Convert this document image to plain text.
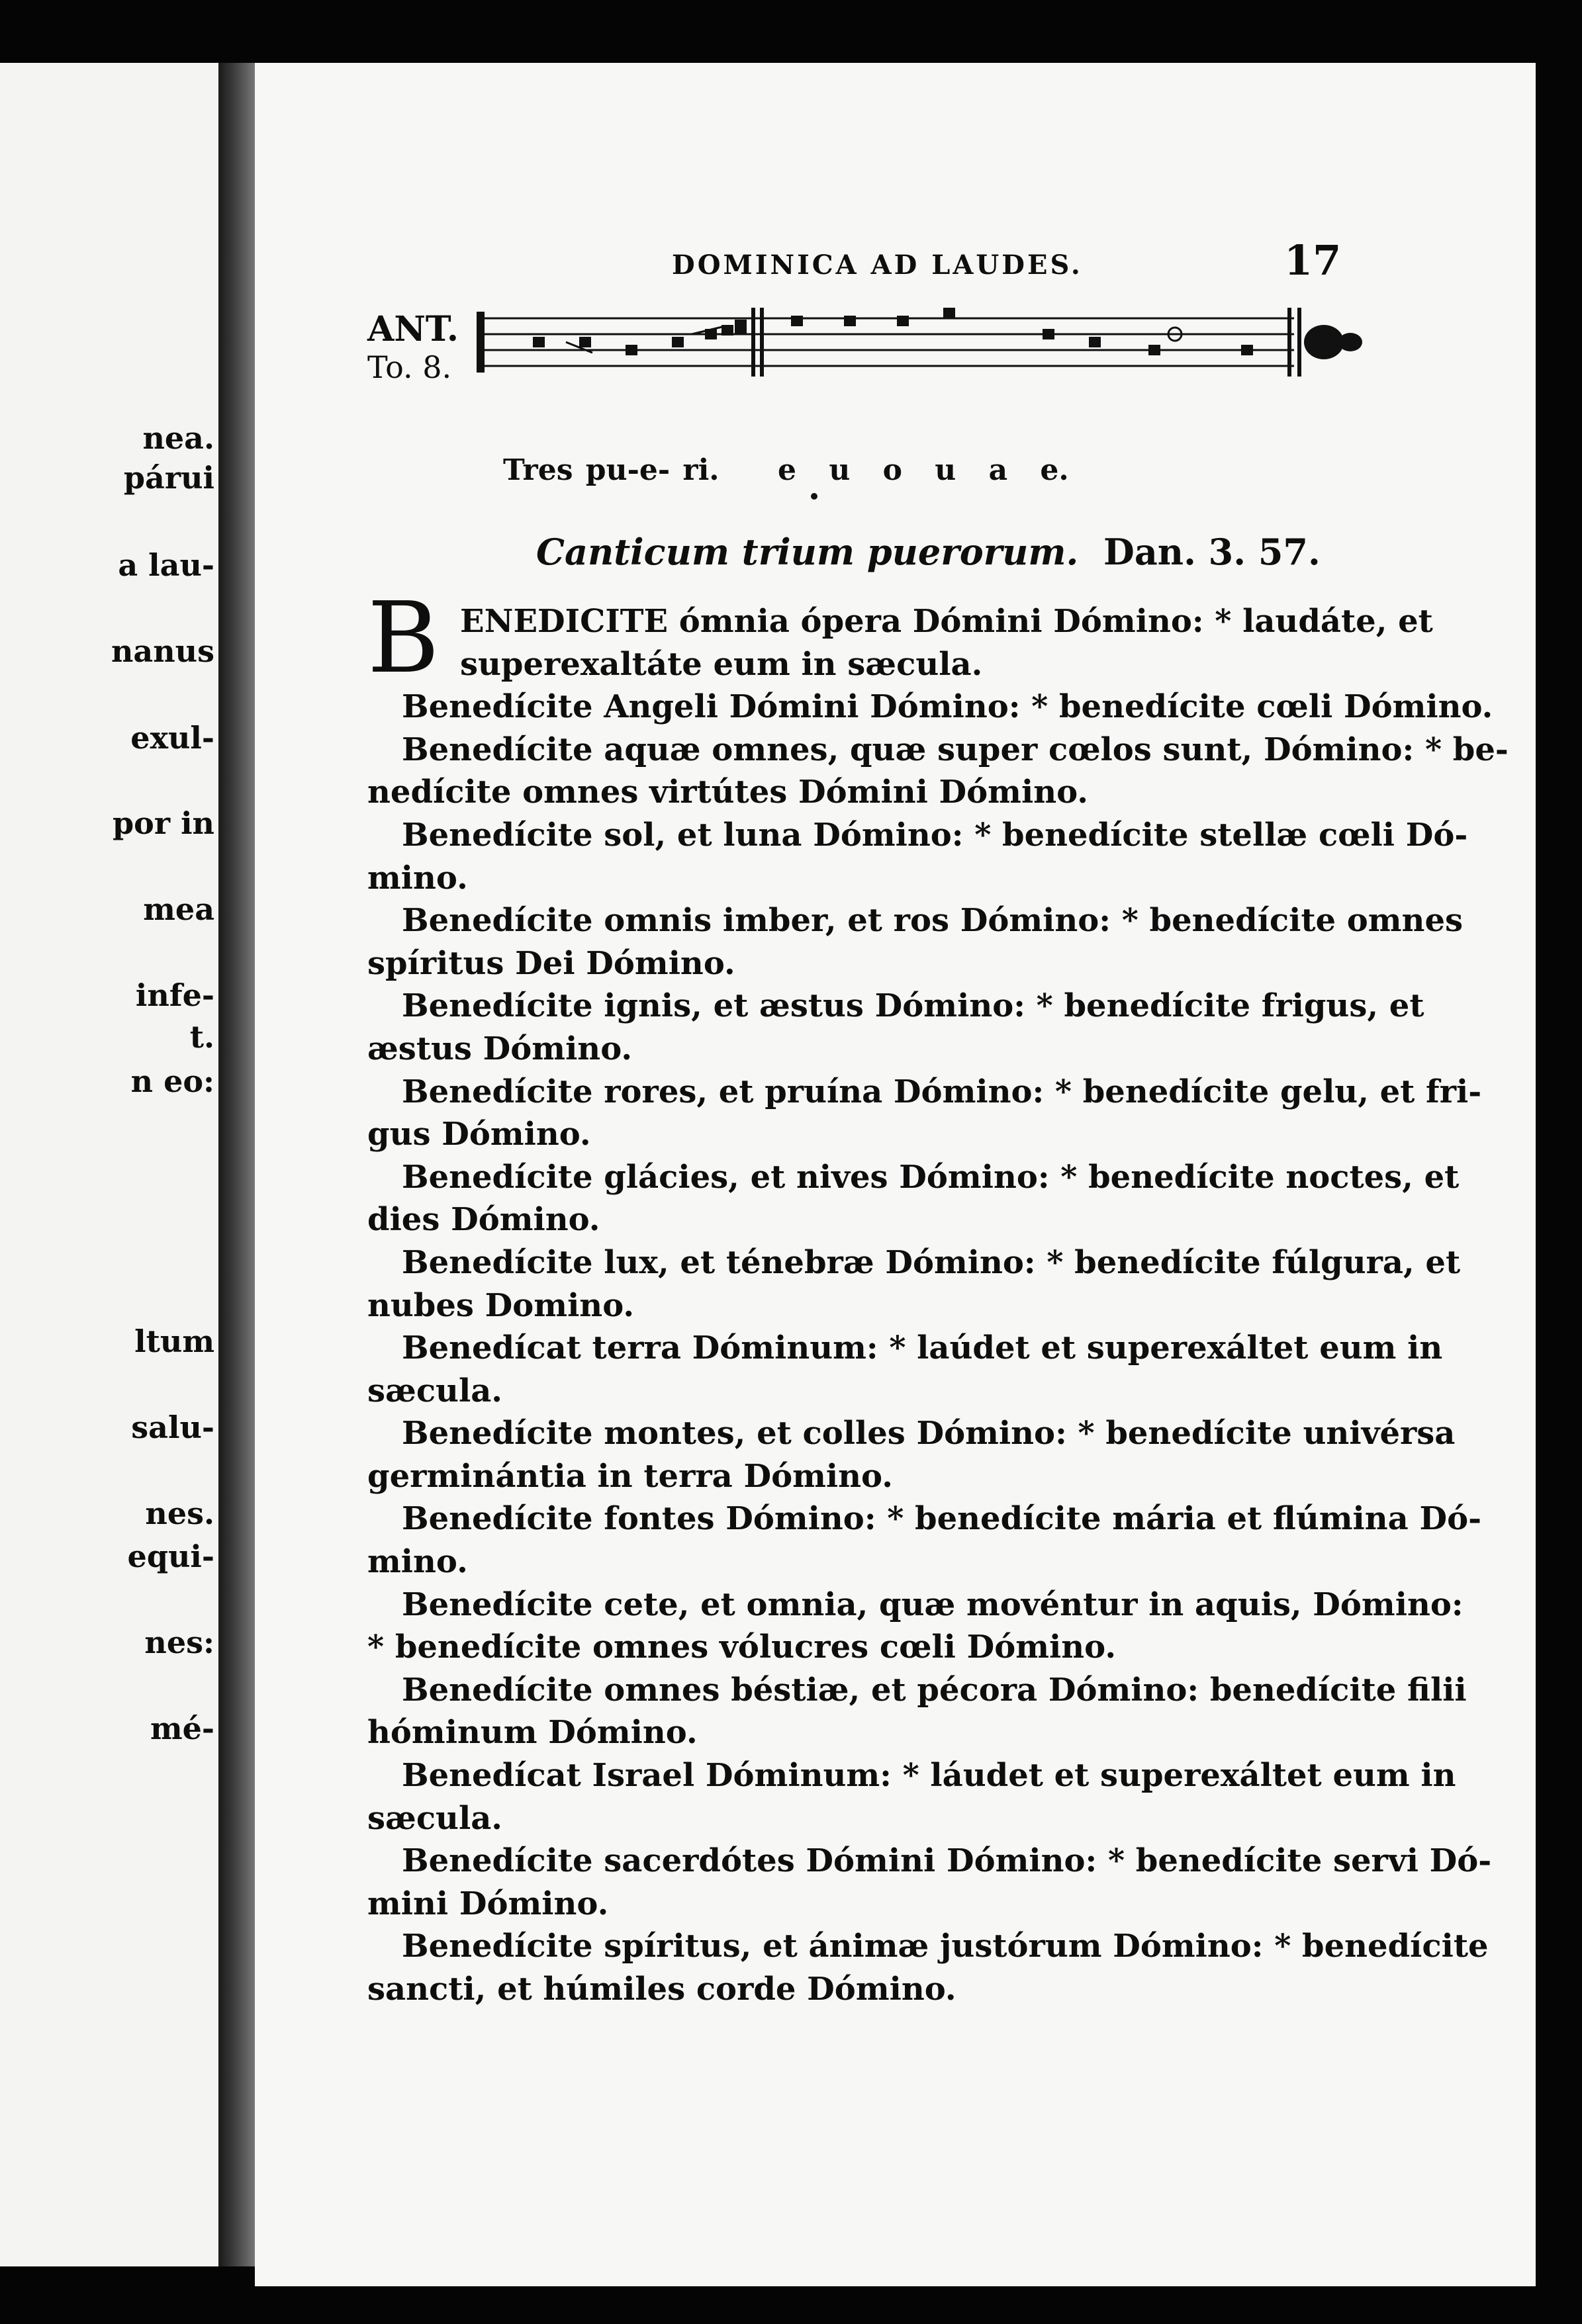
nea.
párui
a lau-
nanus
exul-
por in
mea
infe-
t.
n eo:
ltum
salu-
nes.
equi-
nes:
mé-
DOMINICA AD LAUDES.	17
ANT.
To. 8.
Tres pu-e- ri. e u o u a e.
Canticum trium puerorum. Dan. 3. 57.
B ENEDICITE ómnia ópera Dómini Dómino: * laudáte, et
superexaltáte eum in sæcula.
Benedícite Angeli Dómini Dómino: * benedícite cœli Dómino.
Benedícite aquæ omnes, quæ super cœlos sunt, Dómino: * be-
nedícite omnes virtútes Dómini Dómino.
Benedícite sol, et luna Dómino: * benedícite stellæ cœli Dó-
mino.
Benedícite omnis imber, et ros Dómino: * benedícite omnes
spíritus Dei Dómino.
Benedícite ignis, et æstus Dómino: * benedícite frigus, et
æstus Dómino.
Benedícite rores, et pruína Dómino: * benedícite gelu, et fri-
gus Dómino.
Benedícite glácies, et nives Dómino: * benedícite noctes, et
dies Dómino.
Benedícite lux, et ténebræ Dómino: * benedícite fúlgura, et
nubes Domino.
Benedícat terra Dóminum: * laúdet et superexáltet eum in
sæcula.
Benedícite montes, et colles Dómino: * benedícite univérsa
germinántia in terra Dómino.
Benedícite fontes Dómino: * benedícite mária et flúmina Dó-
mino.
Benedícite cete, et omnia, quæ movéntur in aquis, Dómino:
* benedícite omnes vólucres cœli Dómino.
Benedícite omnes béstiæ, et pécora Dómino: benedícite filii
hóminum Dómino.
Benedícat Israel Dóminum: * láudet et superexáltet eum in
sæcula.
Benedícite sacerdótes Dómini Dómino: * benedícite servi Dó-
mini Dómino.
Benedícite spíritus, et ánimæ justórum Dómino: * benedícite
sancti, et húmiles corde Dómino.
